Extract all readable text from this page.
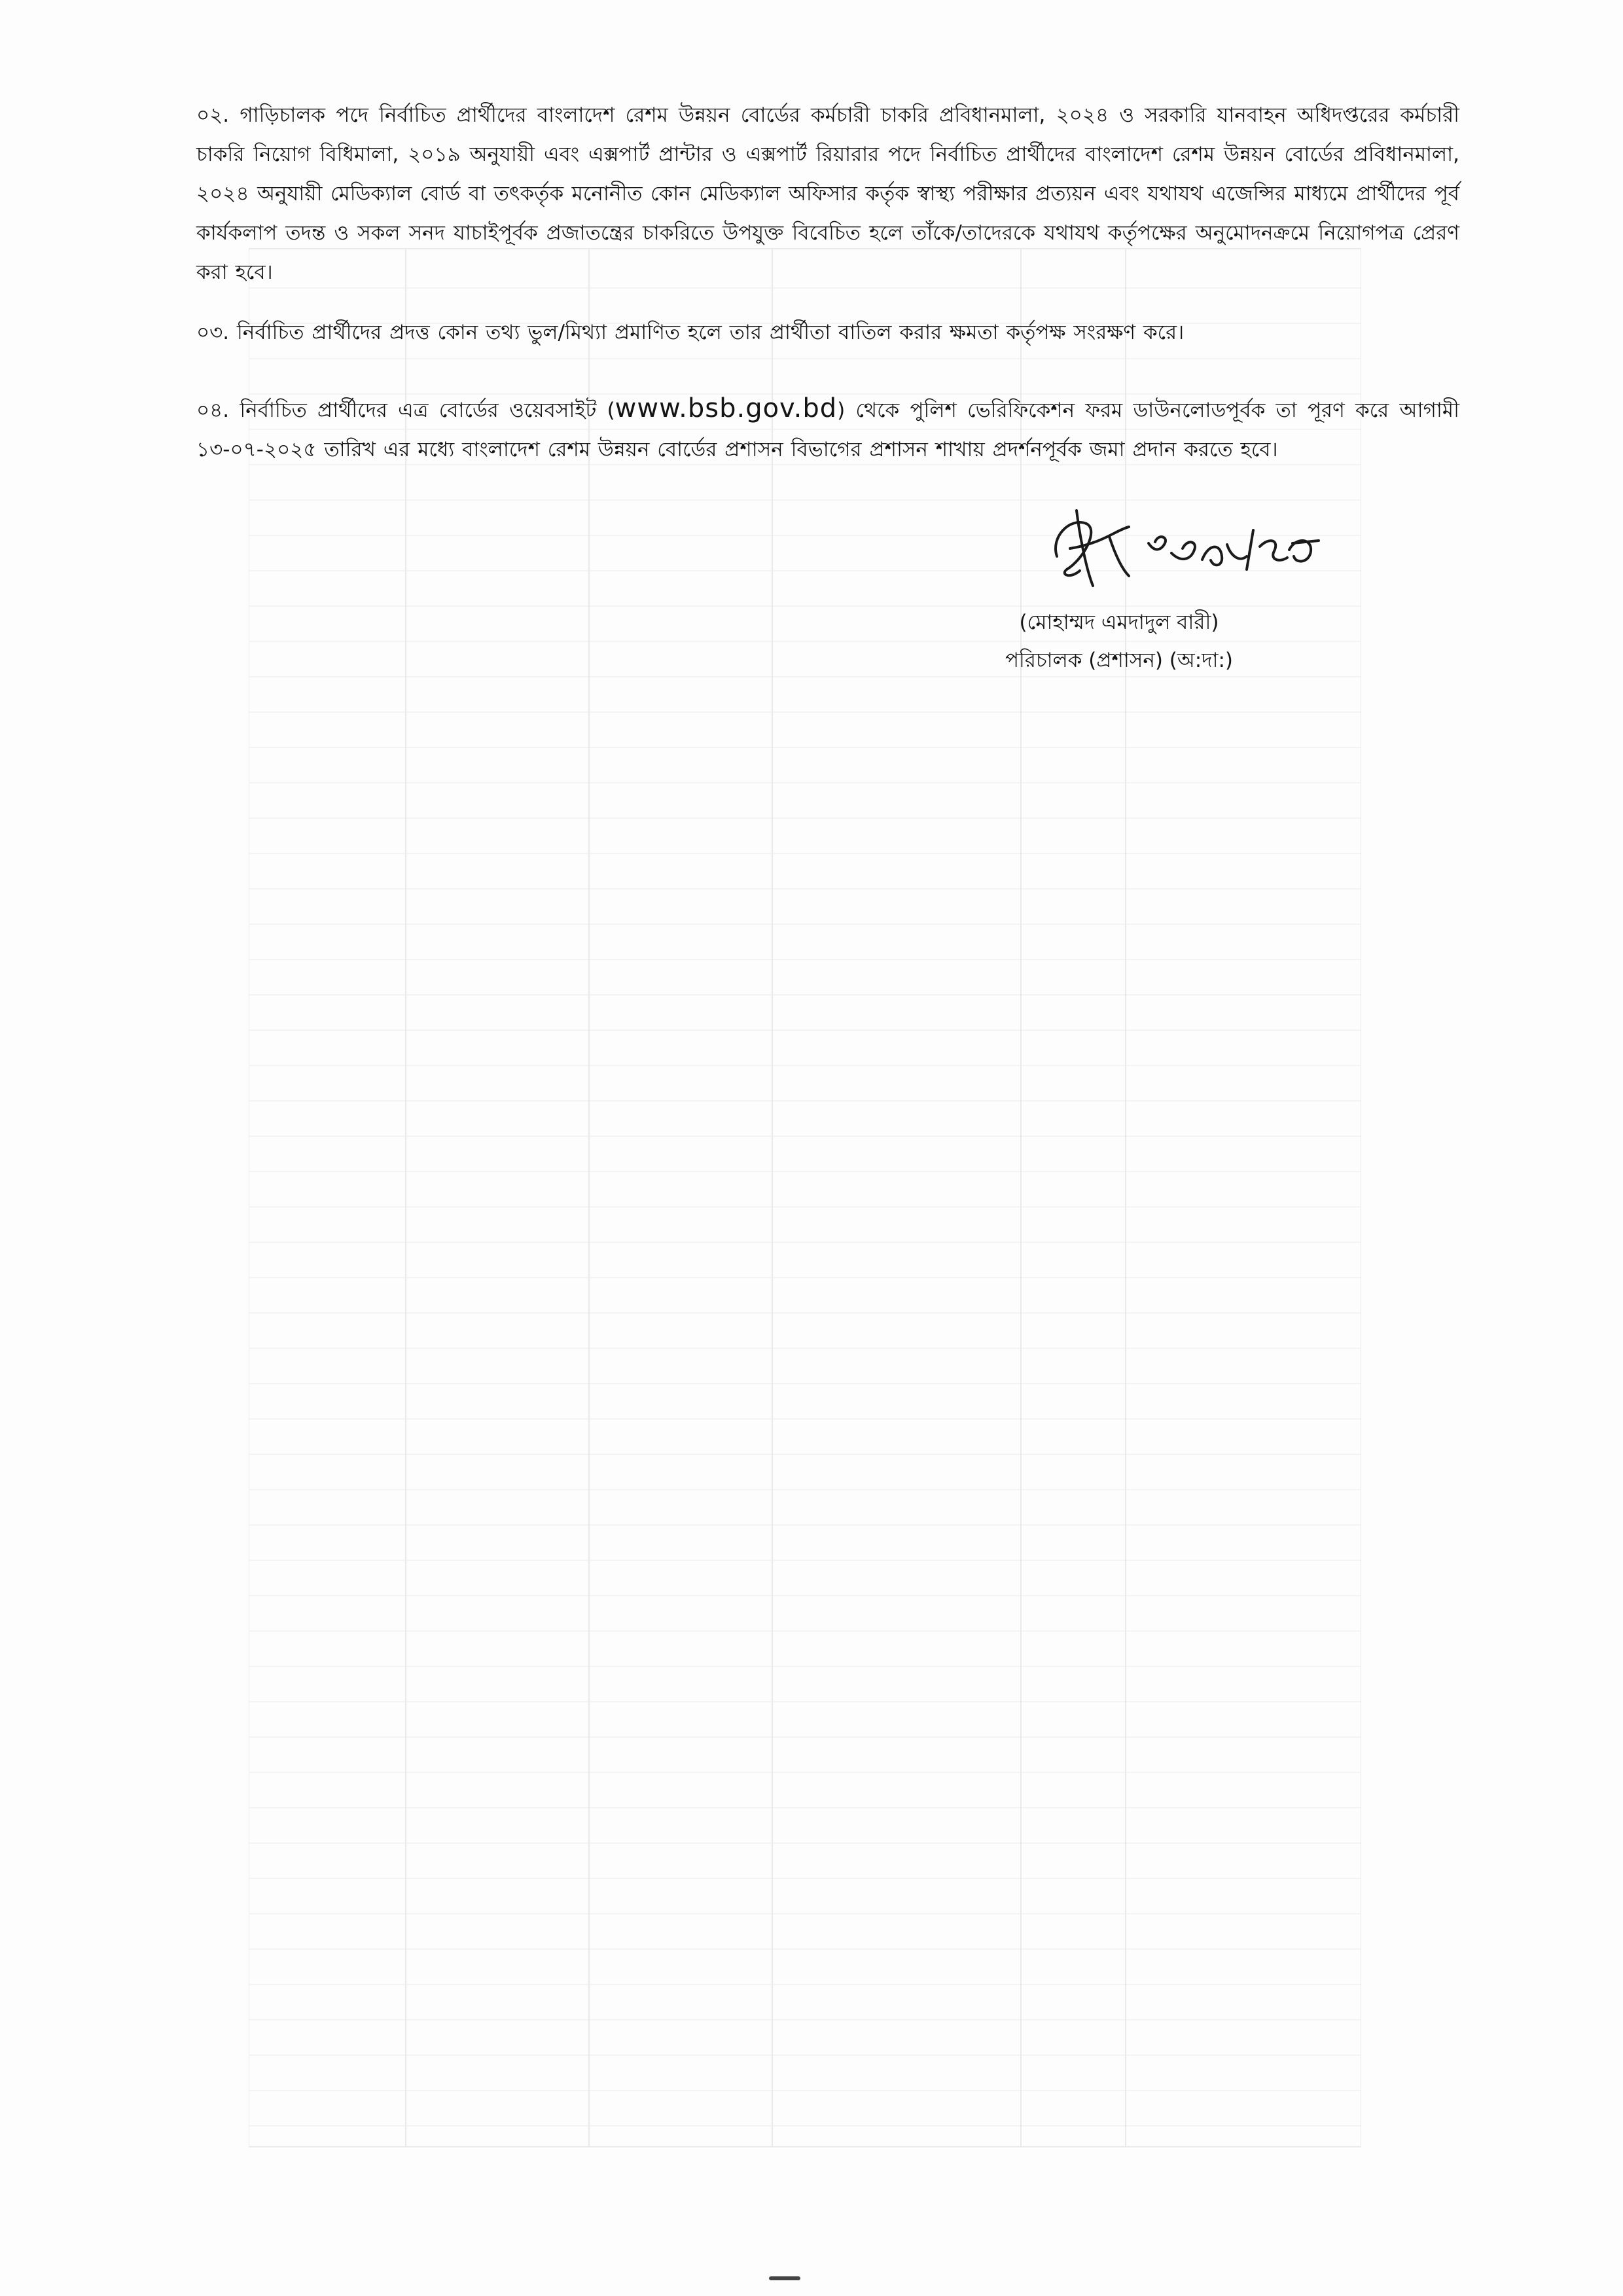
০২. গাড়িচালক পদে নির্বাচিত প্রার্থীদের বাংলাদেশ রেশম উন্নয়ন বোর্ডের কর্মচারী চাকরি প্রবিধানমালা, ২০২৪ ও সরকারি যানবাহন অধিদপ্তরের কর্মচারী চাকরি নিয়োগ বিধিমালা, ২০১৯ অনুযায়ী এবং এক্সপার্ট প্রান্টার ও এক্সপার্ট রিয়ারার পদে নির্বাচিত প্রার্থীদের বাংলাদেশ রেশম উন্নয়ন বোর্ডের প্রবিধানমালা, ২০২৪ অনুযায়ী মেডিক্যাল বোর্ড বা তৎকর্তৃক মনোনীত কোন মেডিক্যাল অফিসার কর্তৃক স্বাস্থ্য পরীক্ষার প্রত্যয়ন এবং যথাযথ এজেন্সির মাধ্যমে প্রার্থীদের পূর্ব কার্যকলাপ তদন্ত ও সকল সনদ যাচাইপূর্বক প্রজাতন্ত্রের চাকরিতে উপযুক্ত বিবেচিত হলে তাঁকে/তাদেরকে যথাযথ কর্তৃপক্ষের অনুমোদনক্রমে নিয়োগপত্র প্রেরণ করা হবে।

০৩. নির্বাচিত প্রার্থীদের প্রদত্ত কোন তথ্য ভুল/মিথ্যা প্রমাণিত হলে তার প্রার্থীতা বাতিল করার ক্ষমতা কর্তৃপক্ষ সংরক্ষণ করে।

০৪. নির্বাচিত প্রার্থীদের এত্র বোর্ডের ওয়েবসাইট (www.bsb.gov.bd) থেকে পুলিশ ভেরিফিকেশন ফরম ডাউনলোডপূর্বক তা পূরণ করে আগামী ১৩-০৭-২০২৫ তারিখ এর মধ্যে বাংলাদেশ রেশম উন্নয়ন বোর্ডের প্রশাসন বিভাগের প্রশাসন শাখায় প্রদর্শনপূর্বক জমা প্রদান করতে হবে।

(মোহাম্মদ এমদাদুল বারী)
পরিচালক (প্রশাসন) (অ:দা:)
